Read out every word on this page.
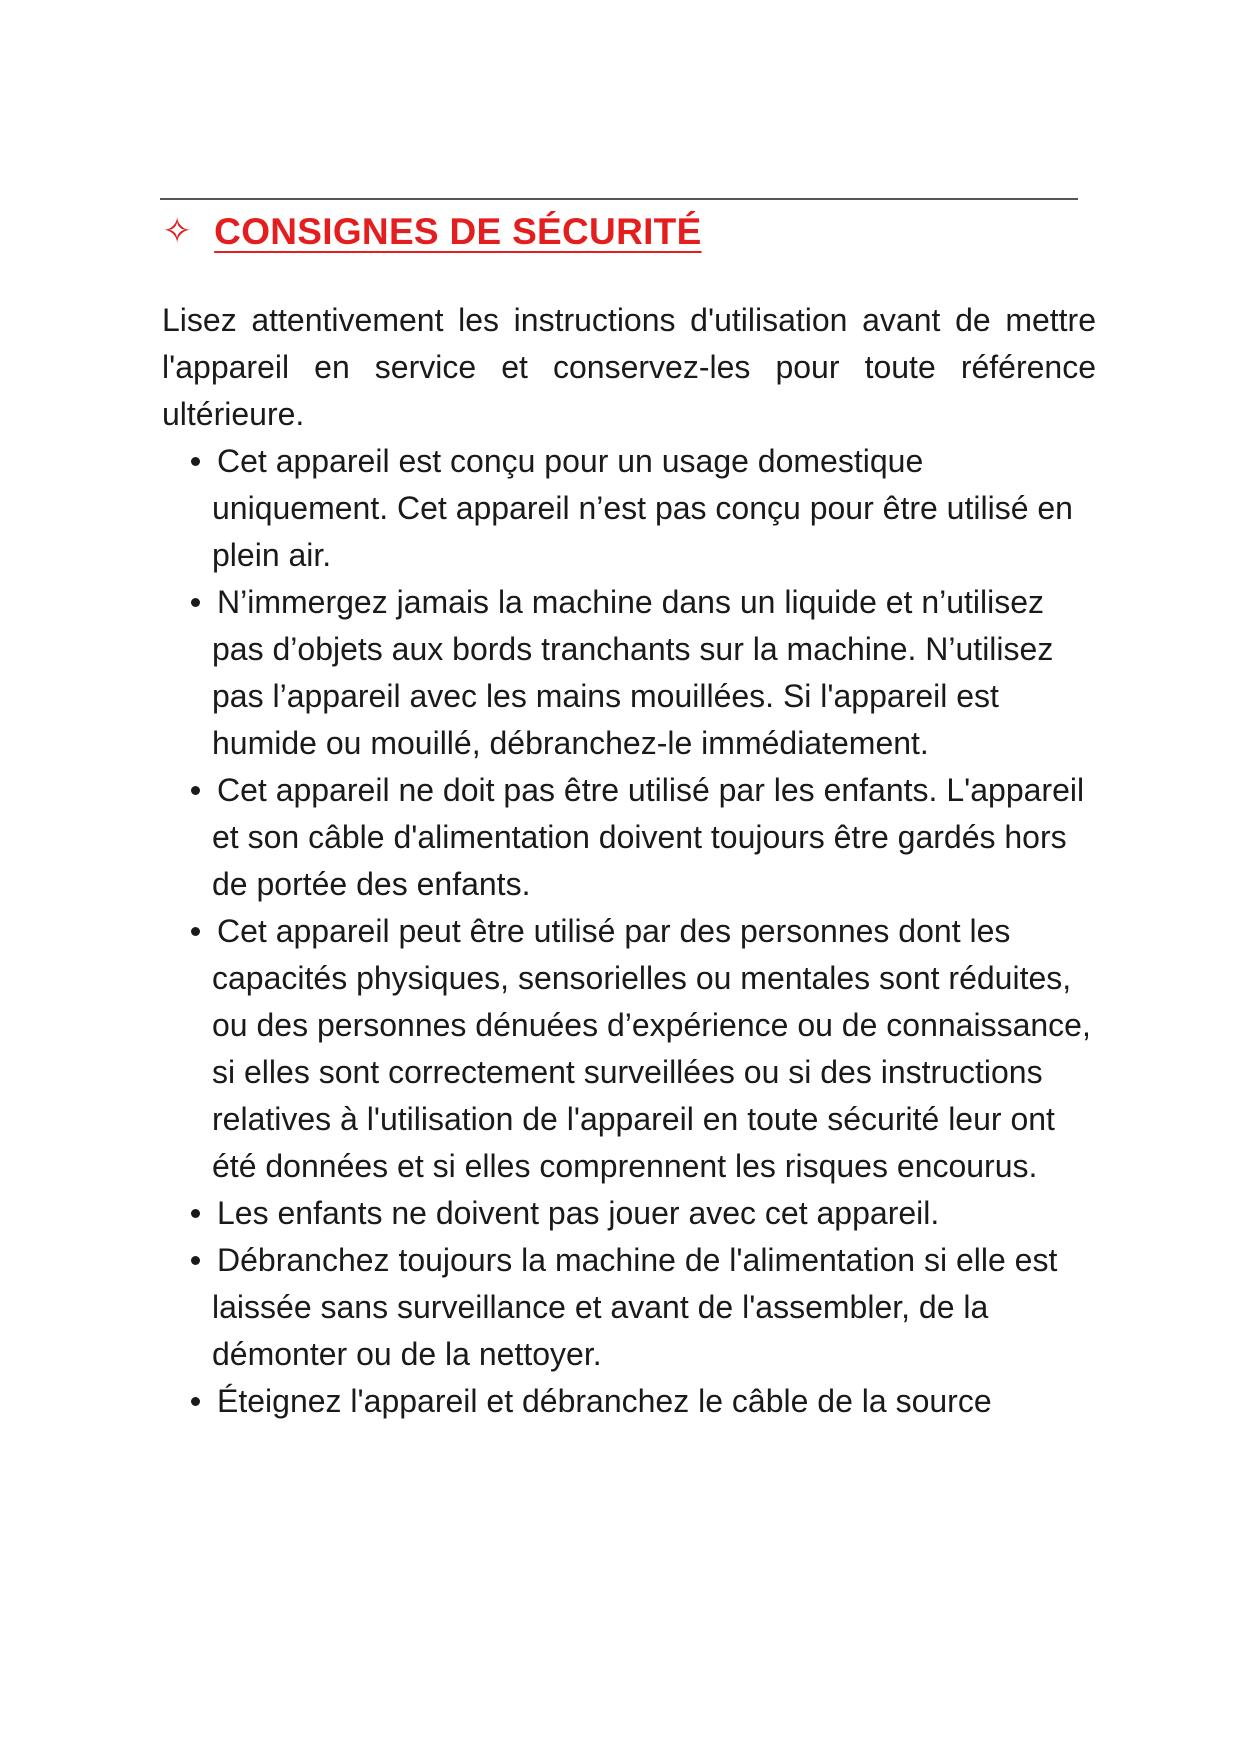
✧ CONSIGNES DE SÉCURITÉ

Lisez attentivement les instructions d'utilisation avant de mettre l'appareil en service et conservez-les pour toute référence ultérieure.

Cet appareil est conçu pour un usage domestique uniquement. Cet appareil n’est pas conçu pour être utilisé en plein air.
N’immergez jamais la machine dans un liquide et n’utilisez pas d’objets aux bords tranchants sur la machine. N’utilisez pas l’appareil avec les mains mouillées. Si l'appareil est humide ou mouillé, débranchez-le immédiatement.
Cet appareil ne doit pas être utilisé par les enfants. L'appareil et son câble d'alimentation doivent toujours être gardés hors de portée des enfants.
Cet appareil peut être utilisé par des personnes dont les capacités physiques, sensorielles ou mentales sont réduites, ou des personnes dénuées d’expérience ou de connaissance, si elles sont correctement surveillées ou si des instructions relatives à l'utilisation de l'appareil en toute sécurité leur ont été données et si elles comprennent les risques encourus.
Les enfants ne doivent pas jouer avec cet appareil.
Débranchez toujours la machine de l'alimentation si elle est laissée sans surveillance et avant de l'assembler, de la démonter ou de la nettoyer.
Éteignez l'appareil et débranchez le câble de la source
